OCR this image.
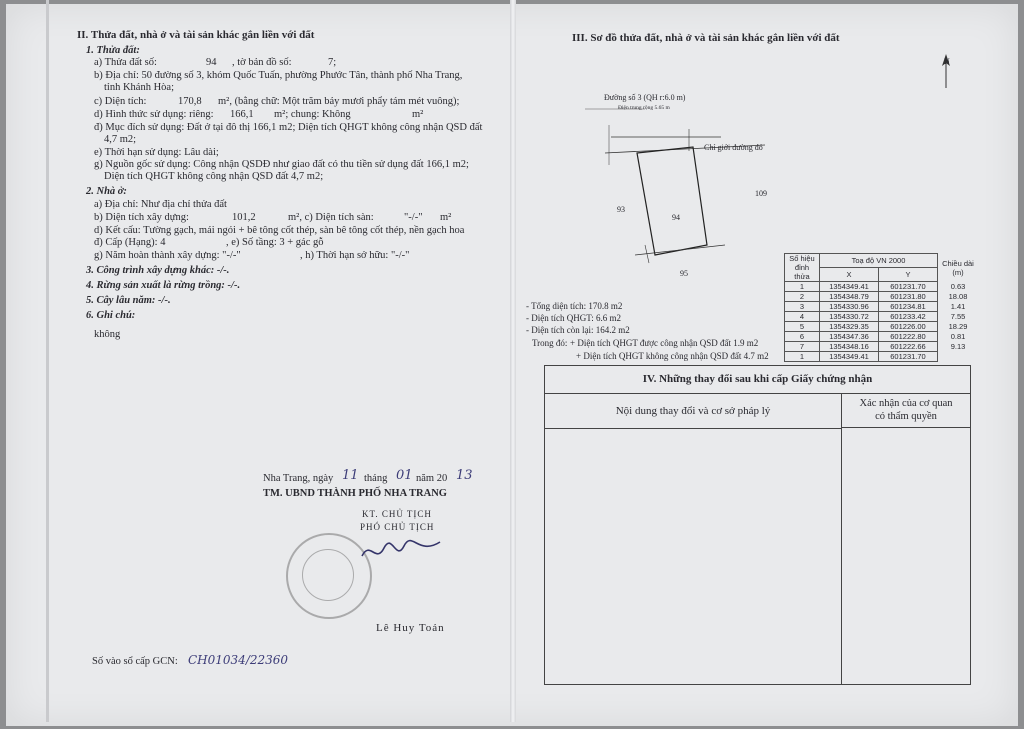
II. Thửa đất, nhà ở và tài sản khác gắn liền với đất
1. Thửa đất:
a) Thửa đất số:	94 , tờ bản đồ số:	7;
b) Địa chỉ: 50 đường số 3, khóm Quốc Tuấn, phường Phước Tân, thành phố Nha Trang,
tỉnh Khánh Hòa;
c) Diện tích:	170,8 m², (bằng chữ: Một trăm bảy mươi phẩy tám mét vuông);
d) Hình thức sử dụng: riêng: 166,1 m²; chung: Không	m²
đ) Mục đích sử dụng: Đất ở tại đô thị 166,1 m2; Diện tích QHGT không công nhận QSD đất
4,7 m2;
e) Thời hạn sử dụng: Lâu dài;
g) Nguồn gốc sử dụng: Công nhận QSDĐ như giao đất có thu tiền sử dụng đất 166,1 m2;
Diện tích QHGT không công nhận QSD đất 4,7 m2;
2. Nhà ở:
a) Địa chỉ: Như địa chỉ thửa đất
b) Diện tích xây dựng:	101,2	m², c) Diện tích sàn:	"-/-" m²
d) Kết cấu: Tường gạch, mái ngói + bê tông cốt thép, sàn bê tông cốt thép, nền gạch hoa
đ) Cấp (Hạng): 4	, e) Số tầng: 3 + gác gỗ
g) Năm hoàn thành xây dựng: "-/-"	, h) Thời hạn sở hữu: "-/-"
3. Công trình xây dựng khác: -/-.
4. Rừng sản xuất là rừng trồng: -/-.
5. Cây lâu năm: -/-.
6. Ghi chú:
không
Nha Trang, ngày 11 tháng 01 năm 20 13
TM. UBND THÀNH PHỐ NHA TRANG
KT. CHỦ TỊCH
PHÓ CHỦ TỊCH
Lê Huy Toản
Số vào sổ cấp GCN: CH01034/22360
III. Sơ đồ thửa đất, nhà ở và tài sản khác gắn liền với đất
N
Đường số 3 (QH r:6.0 m)
Điện trung rộng 5.65 m
Chỉ giới đường đỏ
94
93
109
95
- Tổng diện tích: 170.8 m2
- Diện tích QHGT: 6.6 m2
- Diện tích còn lại: 164.2 m2
Trong đó: + Diện tích QHGT được công nhận QSD đất 1.9 m2
+ Diện tích QHGT không công nhận QSD đất 4.7 m2
Số hiệu đỉnh thửa	Toạ độ VN 2000		Chiều dài (m)
	X	Y	
1	1354349.41	601231.70	0.63
2	1354348.79	601231.80	18.08
3	1354330.96	601234.81	1.41
4	1354330.72	601233.42	7.55
5	1354329.35	601226.00	18.29
6	1354347.36	601222.80	0.81
7	1354348.16	601222.66	9.13
1	1354349.41	601231.70	
IV. Những thay đổi sau khi cấp Giấy chứng nhận
Nội dung thay đổi và cơ sở pháp lý
Xác nhận của cơ quan
có thẩm quyền
